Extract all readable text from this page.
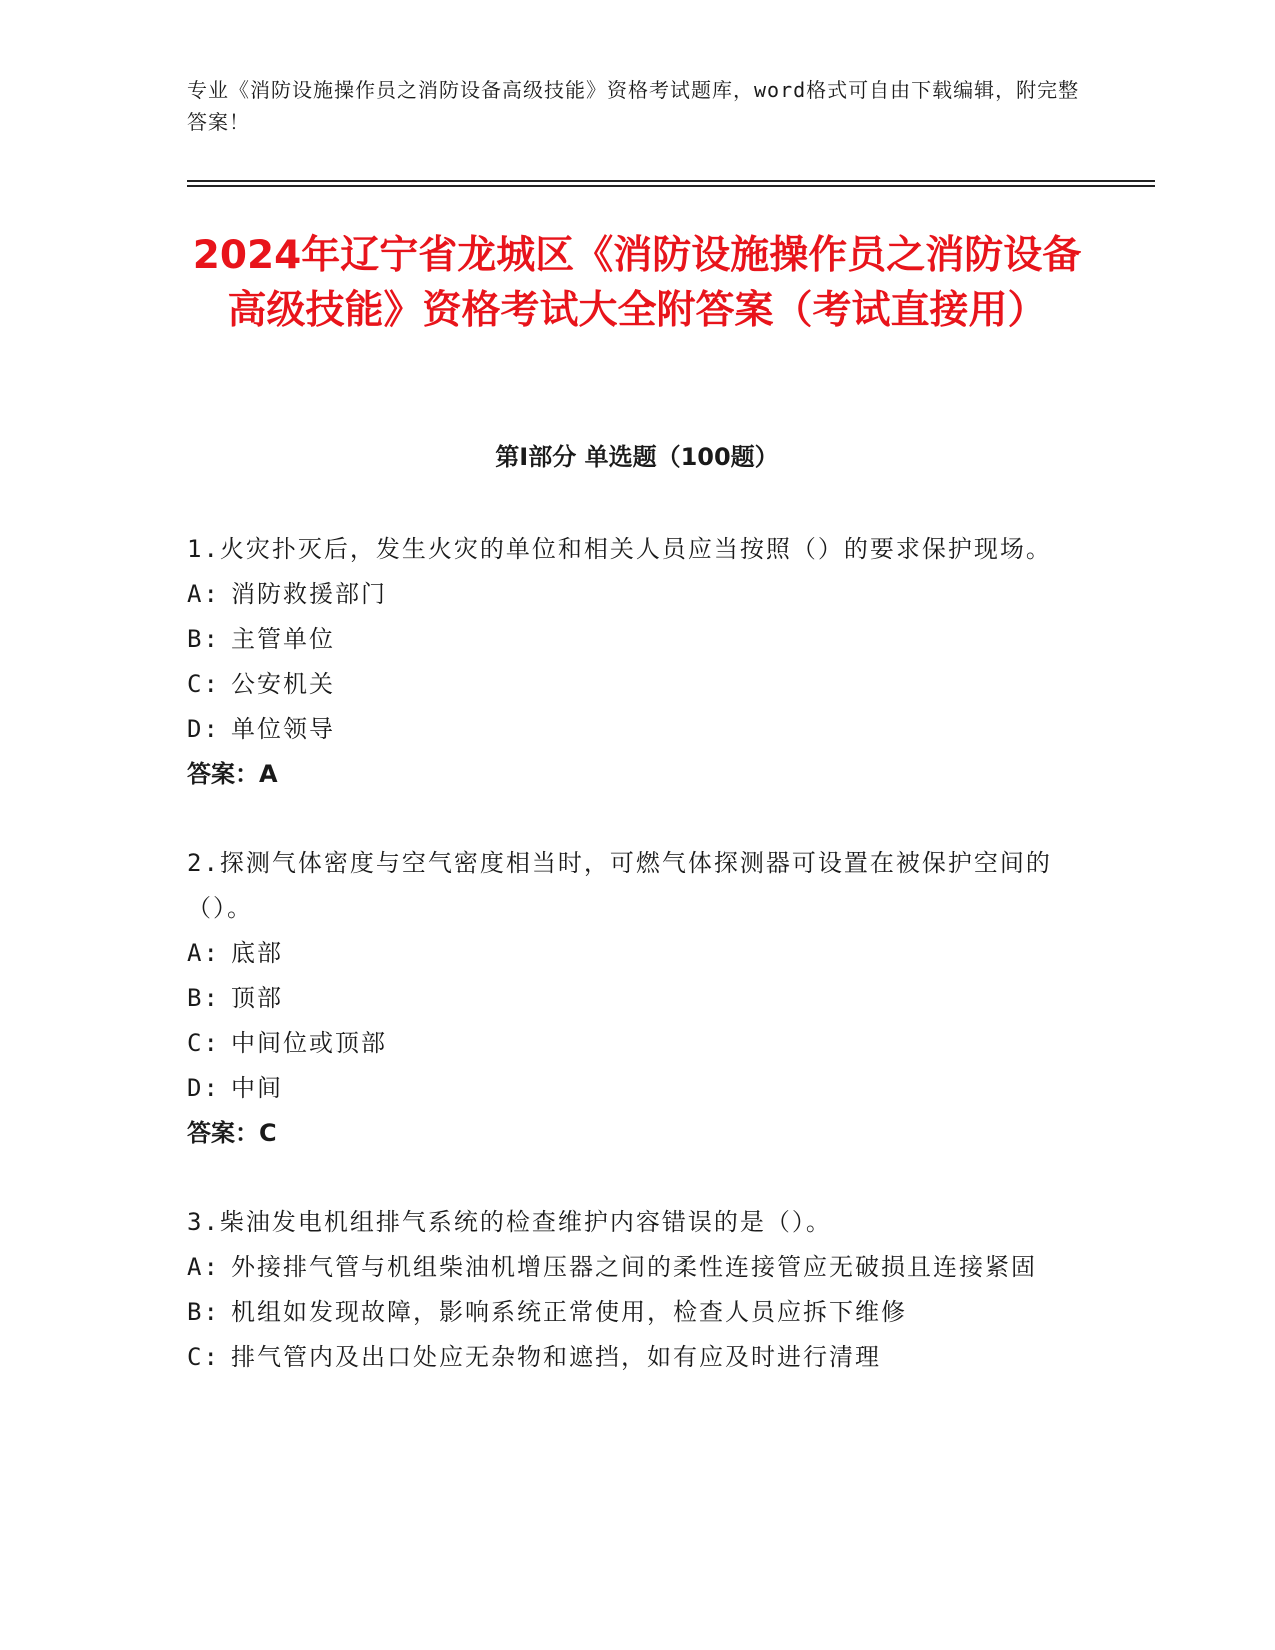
专业《消防设施操作员之消防设备高级技能》资格考试题库，word格式可自由下载编辑，附完整答案！
2024年辽宁省龙城区《消防设施操作员之消防设备高级技能》资格考试大全附答案（考试直接用）
第Ⅰ部分 单选题（100题）

1.火灾扑灭后，发生火灾的单位和相关人员应当按照（）的要求保护现场。

A: 消防救援部门

B: 主管单位

C: 公安机关

D: 单位领导

答案：A

2.探测气体密度与空气密度相当时，可燃气体探测器可设置在被保护空间的（）。

A: 底部

B: 顶部

C: 中间位或顶部

D: 中间

答案：C

3.柴油发电机组排气系统的检查维护内容错误的是（）。

A: 外接排气管与机组柴油机增压器之间的柔性连接管应无破损且连接紧固

B: 机组如发现故障，影响系统正常使用，检查人员应拆下维修

C: 排气管内及出口处应无杂物和遮挡，如有应及时进行清理
